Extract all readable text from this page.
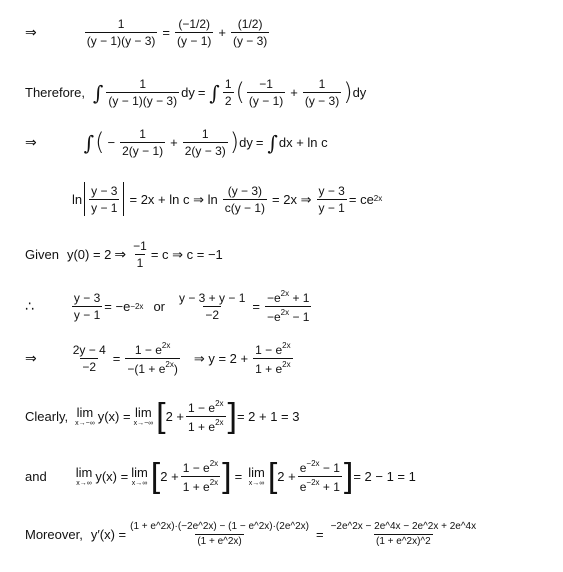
⇒	$\frac{1}{(y - 1)(y - 3)} = \frac{(-1/2)}{(y - 1)} + \frac{(1/2)}{(y - 3)}$
Therefore, ∫ $\frac{1}{(y - 1)(y - 3)}$ dy = ∫ $\frac{1}{2}$ ( $\frac{-1}{(y - 1)} + \frac{1}{(y - 3)}$ ) dy
⇒ ∫ ( − $\frac{1}{2(y - 1)} + \frac{1}{2(y - 3)}$ ) dy = ∫ dx + ln c
$\ln \frac{y - 3}{y - 1} = 2x + \ln c$ ⇒ $\ln \frac{(y - 3)}{c(y - 1)} = 2x$ ⇒ $\frac{y - 3}{y - 1}$ = ce 2x
Given y(0) = 2 ⇒ $\frac{-1}{1} = c$ ⇒ c = −1
∴	$\frac{y - 3}{y - 1} = -e -2x$ or $\frac{y - 3 + y - 1}{-2} = \frac{-e^{2x} + 1}{-e^{2x} - 1}$
⇒	$\frac{2y - 4}{-2} = \frac{1 - e^{2x}}{-(1 + e^{2x})}$ ⇒ $y = 2 + \frac{1 - e^{2x}}{1 + e^{2x}}$
Clearly, lim
x→−∞ y(x) = lim
x→−∞ [ $2 + \frac{1 - e^{2x}}{1 + e^{2x}}$ ] = 2 + 1 = 3
and lim
x→∞ y(x) = lim
x→∞ [ $2 + \frac{1 - e^{2x}}{1 + e^{2x}}$ ] = lim
x→∞ [ $2 + \frac{e^{-2x} - 1}{e^{-2x} + 1}$ ] = 2 − 1 = 1
Moreover, $y'(x) = \frac{(1 + e\^{}2x)\cdot(-2e\^{}2x) - (1 - e\^{}2x)\cdot(2e\^{}2x)}{(1 + e\^{}2x)} = \frac{-2e\^{}2x - 2e\^{}4x - 2e\^{}2x + 2e\^{}4x}{(1 + e\^{}2x)\^{}2}$
